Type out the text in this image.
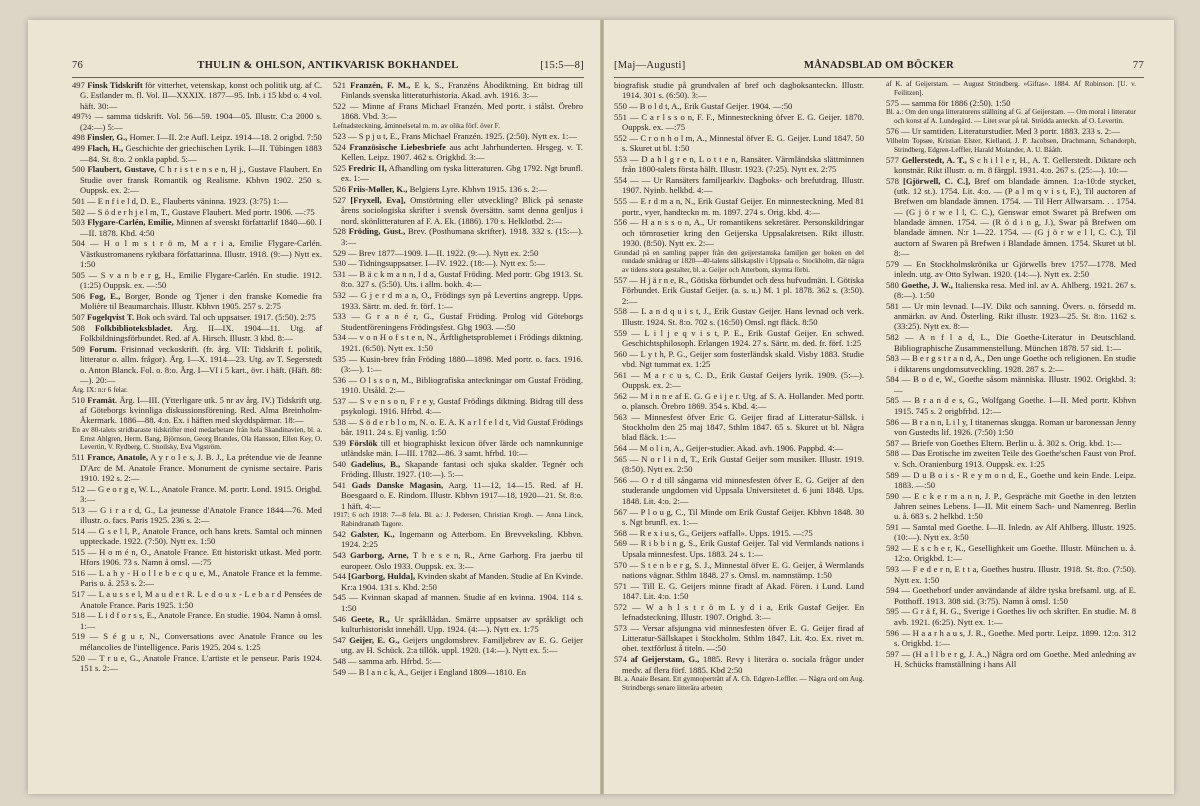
76	THULIN & OHLSON, ANTIKVARISK BOKHANDEL	[15:5—8]

497 Finsk Tidskrift för vitterhet, vetenskap, konst och politik utg. af C. G. Estlander m. fl. Vol. II—XXXIX. 1877—95. Inb. i 15 kbd o. 4 vol. häft. 30:—

497½ — samma tidskrift. Vol. 56—59. 1904—05. Illustr. C:a 2000 s. (24:—) 5:—

498 Finsler, G., Homer. I—II. 2:e Aufl. Leipz. 1914—18. 2 origbd. 7:50

499 Flach, H., Geschichte der griechischen Lyrik. I—II. Tübingen 1883—84. St. 8:o. 2 onkla papbd. 5:—

500 Flaubert, Gustave, C h r i s t e n s e n, H j., Gustave Flaubert. En Studie over fransk Romantik og Realisme. Kbhvn 1902. 250 s. Ouppsk. ex. 2:—

501 — E n f i e l d, D. E., Flauberts väninna. 1923. (3:75) 1:—

502 — S ö d e r h j e l m, T., Gustave Flaubert. Med portr. 1906. —:75

503 Flygare-Carlén, Emilie, Minnen af svenskt författarlif 1840—60. I—II. 1878. Kbd. 4:50

504 — H o l m s t r ö m, M a r i a, Emilie Flygare-Carlén. Västkustromanens ryktbara författarinna. Illustr. 1918. (9:—) Nytt ex. 1:50

505 — S v a n b e r g, H., Emilie Flygare-Carlén. En studie. 1912. (1:25) Ouppsk. ex. —:50

506 Fog, E., Borger, Bonde og Tjener i den franske Komedie fra Molière til Beaumarchais. Illustr. Kbhvn 1905. 257 s. 2:75

507 Fogelqvist T. Bok och svärd. Tal och uppsatser. 1917. (5:50). 2:75

508 Folkbiblioteksbladet. Årg. II—IX. 1904—11. Utg. af Folkbildningsförbundet. Red. af A. Hirsch. Illustr. 3 kbd. 8:—

509 Forum. Frisinnad veckoskrift. (fr. årg. VII: Tidskrift f. politik, litteratur o. allm. frågor). Årg. I—X. 1914—23. Utg. av T. Segerstedt o. Anton Blanck. Fol. o. 8:o. Årg. I—VI i 5 kart., övr. i häft. (Häft. 88:—). 20:—

Årg. IX: n:r 6 felar.

510 Framåt. Årg. I—III. (Ytterligare utk. 5 nr av årg. IV.) Tidskrift utg. af Göteborgs kvinnliga diskussionsförening. Red. Alma Breinholm-Åkermark. 1886—88. 4:o. Ex. i häften med skyddspärmar. 18:—

En av 80-talets stridbaraste tidskrifter med medarbetare från hela Skandinavien, bl. a. Ernst Ahlgren, Herm. Bang, Björnson, Georg Brandes, Ola Hansson, Ellen Key, O. Levertin, V. Rydberg, C. Snoilsky, Eva Vigström.

511 France, Anatole, A y r o l e s, J. B. J., La prétendue vie de Jeanne D'Arc de M. Anatole France. Monument de cynisme sectaire. Paris 1910. 192 s. 2:—

512 — G e o r g e, W. L., Anatole France. M. portr. Lond. 1915. Origbd. 3:—

513 — G i r a r d, G., La jeunesse d'Anatole France 1844—76. Med illustr. o. facs. Paris 1925. 236 s. 2:—

514 — G s e l l, P., Anatole France, och hans krets. Samtal och minnen uppteckade. 1922. (7:50). Nytt ex. 1:50

515 — H o m é n, O., Anatole France. Ett historiskt utkast. Med portr. Hfors 1906. 73 s. Namn å omsl. —:75

516 — L a h y - H o l l e b e c q u e, M., Anatole France et la femme. Paris u. å. 253 s. 2:—

517 — L a u s s e l, M a u d e t R. L e d o u x - L e b a r d Pensées de Anatole France. Paris 1925. 1:50

518 — L i d f o r s s, E., Anatole France. En studie. 1904. Namn å omsl. 1:—

519 — S é g u r, N., Conversations avec Anatole France ou les mélancolies de l'intelligence. Paris 1925. 204 s. 1:25

520 — T r u e, G., Anatole France. L'artiste et le penseur. Paris 1924. 151 s. 2:—

521 Franzén, F. M., E k, S., Franzéns Åbodiktning. Ett bidrag till Finlands svenska litteraturhistoria. Akad. avh. 1916. 3:—

522 — Minne af Frans Michael Franzén. Med portr. i stålst. Örebro 1868. Vbd. 3:—

Lefnadsteckning, åminnelsetal m. m. av olika förf. över F.

523 — S p j u t, E., Frans Michael Franzén. 1925. (2:50). Nytt ex. 1:—

524 Französische Liebesbriefe aus acht Jahrhunderten. Hrsgeg. v. T. Kellen. Leipz. 1907. 462 s. Origkbd. 3:—

525 Fredric II, Afhandling om tyska litteraturen. Gbg 1792. Ngt brunfl. ex. 1:—

526 Friis-Møller, K., Belgiens Lyre. Kbhvn 1915. 136 s. 2:—

527 [Fryxell, Eva], Omstörtning eller utveckling? Blick på senaste årens sociologiska skrifter i svensk översättn. samt denna genljus i nord. skönlitteraturen af F. A. Ek. (1886). 170 s. Helklotbd. 2:—

528 Fröding, Gust., Brev. (Posthumana skrifter). 1918. 332 s. (15:—). 3:—

529 — Brev 1877—1909. I—II. 1922. (9:—). Nytt ex. 2:50

530 — Tidningsuppsatser. I—IV. 1922. (18:—). Nytt ex. 5:—

531 — B ä c k m a n n, I d a, Gustaf Fröding. Med portr. Gbg 1913. St. 8:o. 327 s. (5:50). Uts. i allm. bokh. 4:—

532 — G j e r d m a n, O., Frödings syn på Levertins angrepp. Upps. 1933. Särtr. m. ded. fr. förf. 1:—

533 — G r a n é r, G., Gustaf Fröding. Prolog vid Göteborgs Studentföreningens Frödingsfest. Gbg 1903. —:50

534 — v o n H o f s t e n, N., Ärftlighetsproblemet i Frödings diktning. 1921. (6:50). Nytt ex. 1:50

535 — Kusin-brev från Fröding 1880—1898. Med portr. o. facs. 1916. (3:—). 1:—

536 — O l s s o n, M., Bibliografiska anteckningar om Gustaf Fröding. 1910. Utsåld. 2:—

537 — S v e n s o n, F r e y, Gustaf Frödings diktning. Bidrag till dess psykologi. 1916. Hfrbd. 4:—

538 — S ö d e r b l o m, N. o. E. A. K a r l f e l d t, Vid Gustaf Frödings bår. 1911. 24 s. Ej vanlig. 1:50

539 Förslök till et biographiskt lexicon öfver lärde och namnkunnige utländske män. I—III. 1782—86. 3 samt. hfrbd. 10:—

540 Gadelius, B., Skapande fantasi och sjuka skalder. Tegnér och Fröding. Illustr. 1927. (10:—). 5:—

541 Gads Danske Magasin, Aarg. 11—12, 14—15. Red. af H. Boesgaard o. E. Rindom. Illustr. Kbhvn 1917—18, 1920—21. St. 8:o. 1 häft. 4:—

1917: 6 och 1918: 7—8 fela. Bl. a.: J. Pedersen, Christian Krogh. — Anna Linck, Rabindranath Tagore.

542 Galster, K., Ingemann og Atterbom. En Brevveksling. Kbhvn. 1924. 2:25

543 Garborg, Arne, T h e s e n, R., Arne Garborg. Fra jaerbu til europeer. Oslo 1933. Ouppsk. ex. 3:—

544 [Garborg, Hulda], Kvinden skabt af Manden. Studie af En Kvinde. Kr:a 1904. 131 s. Kbd. 2:50

545 — Kvinnan skapad af mannen. Studie af en kvinna. 1904. 114 s. 1:50

546 Geete, R., Ur språkllådan. Smärre uppsatser av språkligt och kulturhistoriskt innehåll. Upp. 1924. (4:—). Nytt ex. 1:75

547 Geijer, E. G., Geijers ungdomsbrev. Familjebrev av E. G. Geijer utg. av H. Schück. 2:a tillök. uppl. 1920. (14:—). Nytt ex. 5:—

548 — samma arb. Hfrbd. 5:—

549 — B l a n c k, A., Geijer i England 1809—1810. En

[Maj—Augusti]	MÅNADSBLAD OM BÖCKER	77

biografisk studie på grundvalen af bref och dagboksanteckn. Illustr. 1914. 301 s. (6:50). 3:—

550 — B o l d t, A., Erik Gustaf Geijer. 1904. —:50

551 — C a r l s s o n, F. F., Minnesteckning öfver E. G. Geijer. 1870. Ouppsk. ex. —:75

552 — C r o n h o l m, A., Minnestal öfver E. G. Geijer. Lund 1847. 50 s. Skuret ut bl. 1:50

553 — D a h l g r e n, L o t t e n, Ransäter. Värmländska slättminnen från 1800-talets första hälft. Illustr. 1923. (7:25). Nytt ex. 2:75

554 — — Ur Ransäters familjearkiv. Dagboks- och brefutdrag. Illustr. 1907. Nyinb. helkbd. 4:—

555 — E r d m a n, N., Erik Gustaf Geijer. En minnesteckning. Med 81 portr., vyer, handteckn m. m. 1897. 274 s. Orig. kbd. 4:—

556 — H a n s s o n, A., Ur romantikens sekretärer. Personskildringar och törnrosetier kring den Geijerska Uppsalakretsen. Rikt illustr. 1930. (8:50). Nytt ex. 2:—

Grundad på en samling papper från den geijerstamska familjen ger boken en del rundade smådrag ur 1820—40-talens sällskapsliv i Uppsala o. Stockholm, där några av tidens stora gestalter, bl. a. Geijer och Atterbom, skymta förbi.

557 — H j ä r n e, R., Götiska förbundet och dess hufvudmän. I. Götiska Förbundet. Erik Gustaf Geijer. (a. s. u.) M. 1 pl. 1878. 362 s. (3:50). 2:—

558 — L a n d q u i s t, J., Erik Gustav Geijer. Hans levnad och verk. Illustr. 1924. St. 8:o. 702 s. (16:50) Omsl. ngt fläck. 8:50

559 — L i l j e q v i s t, P. E., Erik Gustaf Geijer. En schwed. Geschichtsphilosoph. Erlangen 1924. 27 s. Särtr. m. ded. fr. förf. 1:25

560 — L y t h, P. G., Geijer som fosterländsk skald. Visby 1883. Studie vbd. Ngt tummat ex. 1:25

561 — M a r c u s, C. D., Erik Gustaf Geijers lyrik. 1909. (5:—). Ouppsk. ex. 2:—

562 — M i n n e af E. G. G e i j e r. Utg. af S. A. Hollander. Med portr. o. plansch. Örebro 1869. 354 s. Kbd. 4:—

563 — Minnesfest öfver Eric G. Geijer firad af Litteratur-Sällsk. i Stockholm den 25 maj 1847. Sthlm 1847. 65 s. Skuret ut bl. Några blad fläck. 1:—

564 — M o l i n, A., Geijer-studier. Akad. avh. 1906. Pappbd. 4:—

565 — N o r l i n d, T., Erik Gustaf Geijer som musiker. Illustr. 1919. (8:50). Nytt ex. 2:50

566 — O r d till sångarna vid minnesfesten öfver E. G. Geijer af den studerande ungdomen vid Uppsala Universitetet d. 6 juni 1848. Ups. 1848. Lit. 4:o. 2:—

567 — P l o u g, C., Til Minde om Erik Gustaf Geijer. Kbhvn 1848. 30 s. Ngt brunfl. ex. 1:—

568 — R e x i u s, G., Geijers »affall». Upps. 1915. —:75

569 — R i b b i n g, S., Erik Gustaf Geijer. Tal vid Vermlands nations i Upsala minnesfest. Ups. 1883. 24 s. 1:—

570 — S t e n b e r g, S. J., Minnestal öfver E. G. Geijer, å Wermlands nations vägnar. Sthlm 1848. 27 s. Omsl. m. namnstämp. 1:50

571 — Till E. G. Geijers minne firadt af Akad. Fören. i Lund. Lund 1847. Lit. 4:o. 1:50

572 — W a h l s t r ö m L y d i a, Erik Gustaf Geijer. En lefnadsteckning. Illustr. 1907. Origbd. 3:—

573 — Versar afsjungna vid minnesfesten öfver E. G. Geijer firad af Litteratur-Sällskapet i Stockholm. Sthlm 1847. Lit. 4:o. Ex. rivet m. obet. textförlust å titeln. —:50

574 af Geijerstam, G., 1885. Revy i literära o. sociala frågor under medv. af flera förf. 1885. Kbd 2:50

Bl. a. Anaie Besant. Ett gymnopertrått af A. Ch. Edgren-Leffler. — Några ord om Aug. Strindbergs senare litterära arbeten

af K. af Geijerstam. — August Strindberg. »Giftas». 1884. Af Robinson. [U. v. Feilitzen].

575 — samma för 1886 (2:50). 1:50

Bl. a.: Om den unga litteraturens ställning af G. af Geijerstam. — Om moral i litteratur och konst af A. Lundegård. — Litet svar på tal. Strödda anteckn. af O. Levertin.

576 — Ur samtiden. Literaturstudier. Med 3 portr. 1883. 233 s. 2:—

Vilhelm Topsøe, Kristian Elster, Kielland, J. P. Jacobsen, Drachmann, Schandorph, Strindberg, Edgren-Leffler, Harald Molander, A. U. Bååth.

577 Gellerstedt, A. T., S c h i l l e r, H., A. T. Gellerstedt. Diktare och konstnär. Rikt illustr. o. m. 8 färgpl. 1931. 4:o. 267 s. (25:—). 10:—

578 [Gjörwell, C. C.], Bref om blandade ämnen. 1:a-10:de stycket, (utk. 12 st.). 1754. Lit. 4:o. — (P a l m q v i s t, F.), Til auctoren af Brefwen om blandade ämnen. 1754. — Til Herr Allwarsam. . . 1754. — (G j ö r w e l l, C. C.), Genswar emot Swaret på Brefwen om blandade ämnen. 1754. — (R ö d i n g, J.), Swar på Brefwen om blandade ämnen. N:r 1—22. 1754. — (G j ö r w e l l, C. C.), Til auctorn af Swaren på Brefwen i Blandade ämnen. 1754. Skuret ut bl. 8:—

579 — En Stockholmskrönika ur Gjörwells brev 1757—1778. Med inledn. utg. av Otto Sylwan. 1920. (14:—). Nytt ex. 2:50

580 Goethe, J. W., Italienska resa. Med inl. av A. Ahlberg. 1921. 267 s. (8:—). 1:50

581 — Ur min levnad. I—IV. Dikt och sanning. Övers. o. försedd m. anmärkn. av And. Österling. Rikt illustr. 1923—25. St. 8:o. 1162 s. (33:25). Nytt ex. 8:—

582 — A n f l a d, L., Die Goethe-Literatur in Deutschland. Bibliographische Zusammenstellung. München 1878. 57 sid. 1:—

583 — B e r g s t r a n d, A., Den unge Goethe och religionen. En studie i diktarens ungdomsutveckling. 1928. 287 s. 2:—

584 — B o d e, W., Goethe såsom människa. Illustr. 1902. Origkbd. 3:—

585 — B r a n d e s, G., Wolfgang Goethe. I—II. Med portr. Kbhvn 1915. 745 s. 2 origbfrbd. 12:—

586 — B r a n n, L i l y, I titanernas skugga. Roman ur baronessan Jenny von Gustedts lif. 1926. (7:50) 1:50

587 — Briefe von Goethes Eltern. Berlin u. å. 302 s. Orig. kbd. 1:—

588 — Das Erotische im zweiten Teile des Goethe'schen Faust von Prof. v. Sch. Oranienburg 1913. Ouppsk. ex. 1:25

589 — D u B o i s - R e y m o n d, E., Goethe und kein Ende. Leipz. 1883. —:50

590 — E c k e r m a n n, J. P., Gespräche mit Goethe in den letzten Jahren seines Lebens. I—II. Mit einem Sach- und Namenreg. Berlin u. å. 683 s. 2 helkbd. 1:50

591 — Samtal med Goethe. I—II. Inledn. av Alf Ahlberg. Illustr. 1925. (10:—). Nytt ex. 3:50

592 — E s c h e r, K., Gesellighkeit um Goethe. Illustr. München u. å. 12:o. Origkbd. 1:—

593 — F e d e r n, E t t a, Goethes hustru. Illustr. 1918. St. 8:o. (7:50). Nytt ex. 1:50

594 — Goetheborf under användande af äldre tyska brefsaml. utg. af E. Potthoff. 1913. 308 sid. (3:75). Namn å omsl. 1:50

595 — G r ä f, H. G., Sverige i Goethes liv och skrifter. En studie. M. 8 avb. 1921. (6:25). Nytt ex. 1:—

596 — H a a r h a u s, J. R., Goethe. Med portr. Leipz. 1899. 12:o. 312 s. Origkbd. 1:—

597 — (H a l l b e r g, J. A.,) Några ord om Goethe. Med anledning av H. Schücks framställning i hans All
